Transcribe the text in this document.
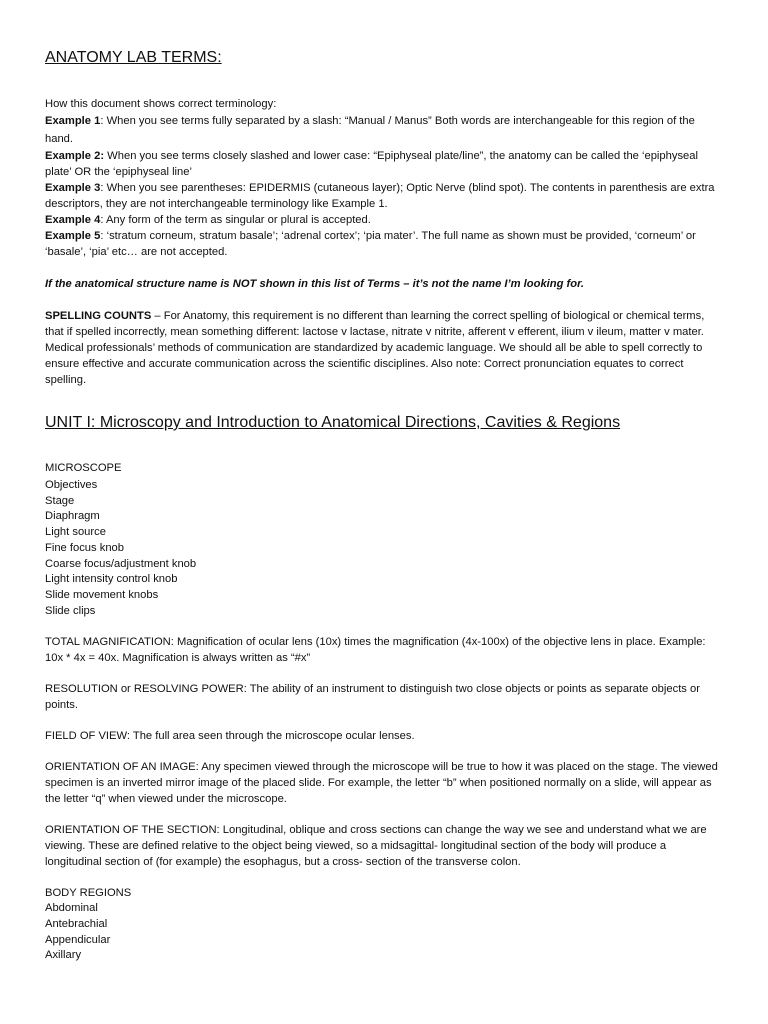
ANATOMY LAB TERMS:

How this document shows correct terminology:

Example 1: When you see terms fully separated by a slash: “Manual / Manus” Both words are interchangeable for this region of the hand.

Example 2: When you see terms closely slashed and lower case: “Epiphyseal plate/line”, the anatomy can be called the ‘epiphyseal plate’ OR the ‘epiphyseal line’

Example 3: When you see parentheses: EPIDERMIS (cutaneous layer); Optic Nerve (blind spot). The contents in parenthesis are extra descriptors, they are not interchangeable terminology like Example 1.

Example 4: Any form of the term as singular or plural is accepted.

Example 5: ‘stratum corneum, stratum basale’; ‘adrenal cortex’; ‘pia mater’. The full name as shown must be provided, ‘corneum’ or ‘basale’, ‘pia’ etc… are not accepted.

If the anatomical structure name is NOT shown in this list of Terms – it’s not the name I’m looking for.

SPELLING COUNTS – For Anatomy, this requirement is no different than learning the correct spelling of biological or chemical terms, that if spelled incorrectly, mean something different: lactose v lactase, nitrate v nitrite, afferent v efferent, ilium v ileum, matter v mater. Medical professionals’ methods of communication are standardized by academic language. We should all be able to spell correctly to ensure effective and accurate communication across the scientific disciplines. Also note: Correct pronunciation equates to correct spelling.

UNIT I: Microscopy and Introduction to Anatomical Directions, Cavities & Regions

MICROSCOPE

Objectives
Stage
Diaphragm
Light source
Fine focus knob
Coarse focus/adjustment knob
Light intensity control knob
Slide movement knobs
Slide clips

TOTAL MAGNIFICATION: Magnification of ocular lens (10x) times the magnification (4x-100x) of the objective lens in place. Example: 10x * 4x = 40x. Magnification is always written as “#x”

RESOLUTION or RESOLVING POWER: The ability of an instrument to distinguish two close objects or points as separate objects or points.

FIELD OF VIEW: The full area seen through the microscope ocular lenses.

ORIENTATION OF AN IMAGE: Any specimen viewed through the microscope will be true to how it was placed on the stage. The viewed specimen is an inverted mirror image of the placed slide. For example, the letter “b” when positioned normally on a slide, will appear as the letter “q” when viewed under the microscope.

ORIENTATION OF THE SECTION: Longitudinal, oblique and cross sections can change the way we see and understand what we are viewing. These are defined relative to the object being viewed, so a midsagittal- longitudinal section of the body will produce a longitudinal section of (for example) the esophagus, but a cross- section of the transverse colon.

BODY REGIONS

Abdominal
Antebrachial
Appendicular
Axillary
